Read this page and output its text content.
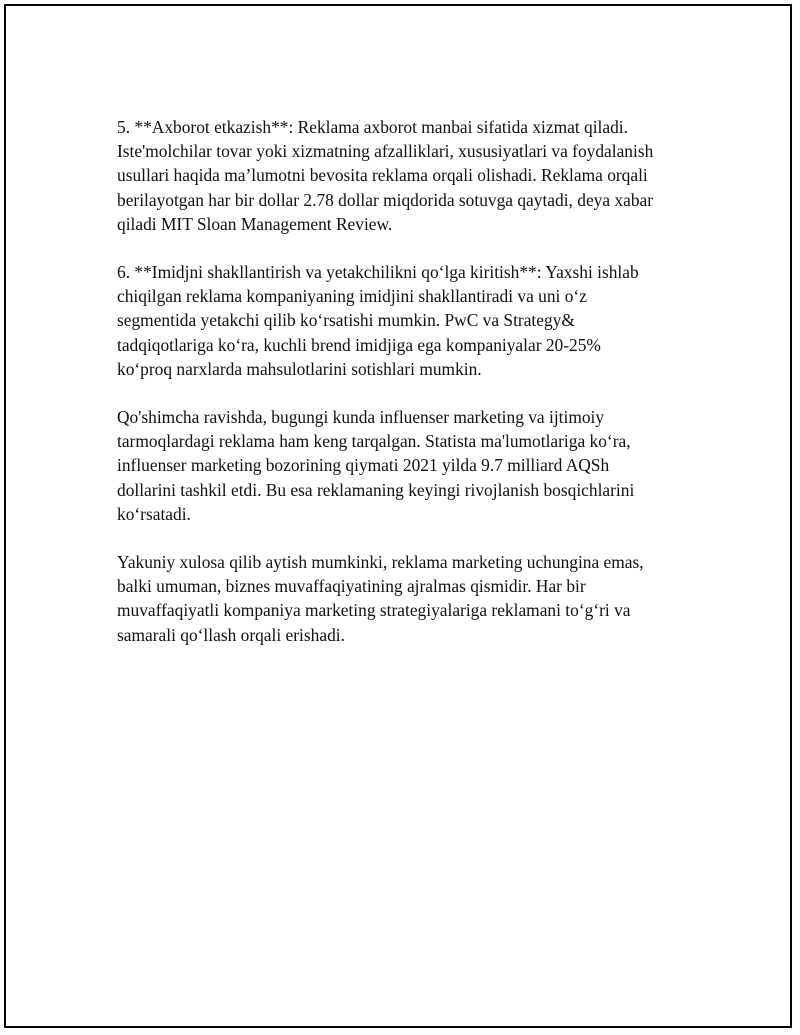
5. **Axborot etkazish**: Reklama axborot manbai sifatida xizmat qiladi.
Iste'molchilar tovar yoki xizmatning afzalliklari, xususiyatlari va foydalanish
usullari haqida ma’lumotni bevosita reklama orqali olishadi. Reklama orqali
berilayotgan har bir dollar 2.78 dollar miqdorida sotuvga qaytadi, deya xabar
qiladi MIT Sloan Management Review.

6. **Imidjni shakllantirish va yetakchilikni qo‘lga kiritish**: Yaxshi ishlab
chiqilgan reklama kompaniyaning imidjini shakllantiradi va uni o‘z
segmentida yetakchi qilib ko‘rsatishi mumkin. PwC va Strategy&
tadqiqotlariga ko‘ra, kuchli brend imidjiga ega kompaniyalar 20-25%
ko‘proq narxlarda mahsulotlarini sotishlari mumkin.

Qo'shimcha ravishda, bugungi kunda influenser marketing va ijtimoiy
tarmoqlardagi reklama ham keng tarqalgan. Statista ma'lumotlariga ko‘ra,
influenser marketing bozorining qiymati 2021 yilda 9.7 milliard AQSh
dollarini tashkil etdi. Bu esa reklamaning keyingi rivojlanish bosqichlarini
ko‘rsatadi.

Yakuniy xulosa qilib aytish mumkinki, reklama marketing uchungina emas,
balki umuman, biznes muvaffaqiyatining ajralmas qismidir. Har bir
muvaffaqiyatli kompaniya marketing strategiyalariga reklamani to‘g‘ri va
samarali qo‘llash orqali erishadi.
